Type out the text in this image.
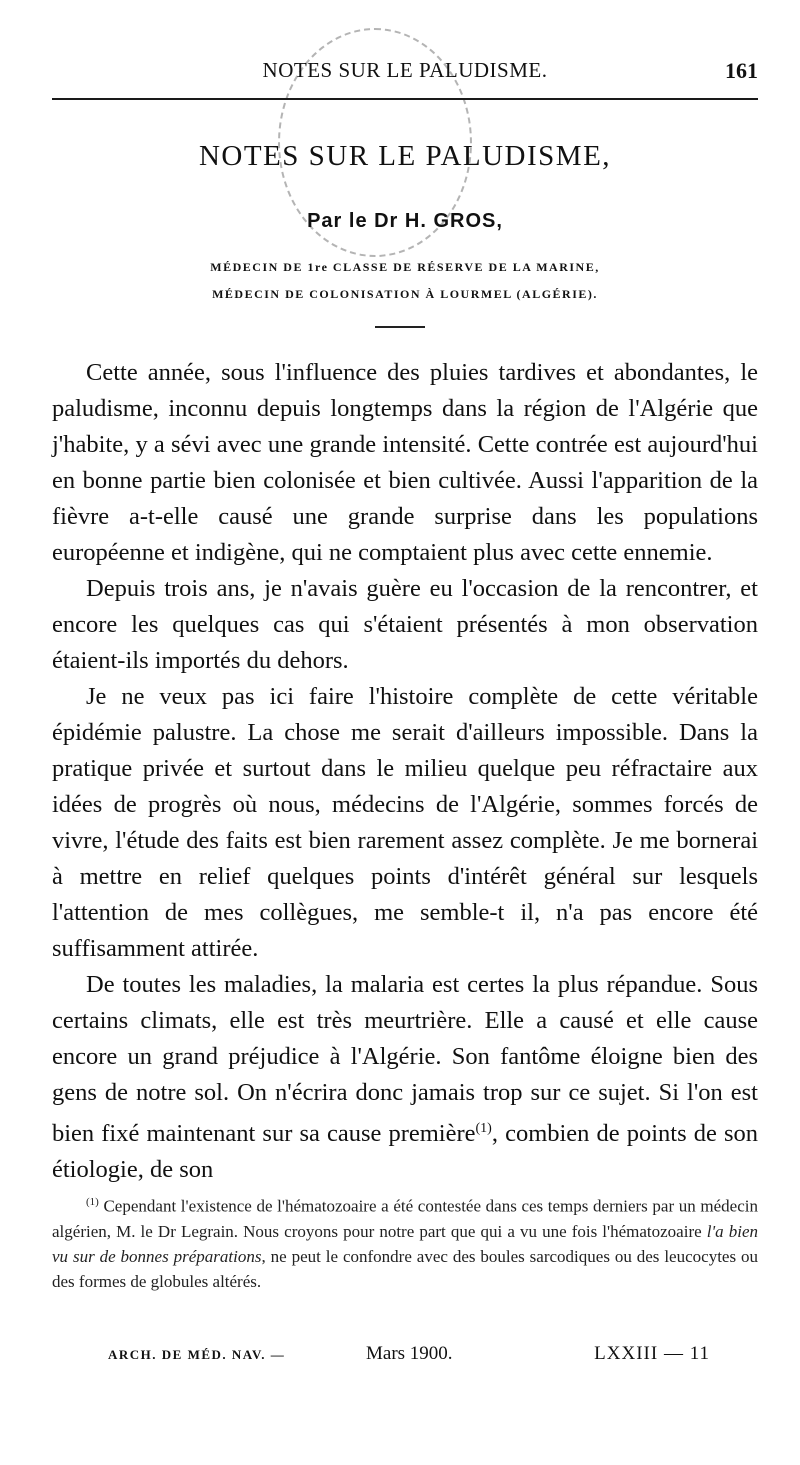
NOTES SUR LE PALUDISME.	161
NOTES SUR LE PALUDISME,
Par le Dr H. GROS,
MÉDECIN DE 1re CLASSE DE RÉSERVE DE LA MARINE,
MÉDECIN DE COLONISATION À LOURMEL (ALGÉRIE).

Cette année, sous l'influence des pluies tardives et abondantes, le paludisme, inconnu depuis longtemps dans la région de l'Algérie que j'habite, y a sévi avec une grande intensité. Cette contrée est aujourd'hui en bonne partie bien colonisée et bien cultivée. Aussi l'apparition de la fièvre a-t-elle causé une grande surprise dans les populations européenne et indigène, qui ne comptaient plus avec cette ennemie.

Depuis trois ans, je n'avais guère eu l'occasion de la rencontrer, et encore les quelques cas qui s'étaient présentés à mon observation étaient-ils importés du dehors.

Je ne veux pas ici faire l'histoire complète de cette véritable épidémie palustre. La chose me serait d'ailleurs impossible. Dans la pratique privée et surtout dans le milieu quelque peu réfractaire aux idées de progrès où nous, médecins de l'Algérie, sommes forcés de vivre, l'étude des faits est bien rarement assez complète. Je me bornerai à mettre en relief quelques points d'intérêt général sur lesquels l'attention de mes collègues, me semble-t il, n'a pas encore été suffisamment attirée.

De toutes les maladies, la malaria est certes la plus répandue. Sous certains climats, elle est très meurtrière. Elle a causé et elle cause encore un grand préjudice à l'Algérie. Son fantôme éloigne bien des gens de notre sol. On n'écrira donc jamais trop sur ce sujet. Si l'on est bien fixé maintenant sur sa cause première$^{(1)}$, combien de points de son étiologie, de son

$^{(1)}$ Cependant l'existence de l'hématozoaire a été contestée dans ces temps derniers par un médecin algérien, M. le Dr Legrain. Nous croyons pour notre part que qui a vu une fois l'hématozoaire l'a bien vu sur de bonnes préparations, ne peut le confondre avec des boules sarcodiques ou des leucocytes ou des formes de globules altérés.
ARCH. DE MÉD. NAV. —	Mars 1900.	LXXIII — 11
